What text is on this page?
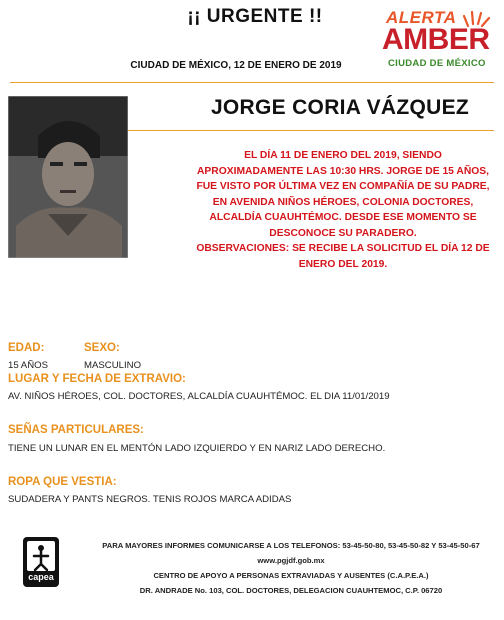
¡¡ URGENTE !!
CIUDAD DE MÉXICO, 12 DE ENERO DE 2019
ALERTA
AMBER
CIUDAD DE MÉXICO
JORGE CORIA VÁZQUEZ
EL DÍA 11 DE ENERO DEL 2019, SIENDO
APROXIMADAMENTE LAS 10:30 HRS. JORGE DE 15 AÑOS,
FUE VISTO POR ÚLTIMA VEZ EN COMPAÑÍA DE SU PADRE,
EN AVENIDA NIÑOS HÉROES, COLONIA DOCTORES,
ALCALDÍA CUAUHTÉMOC. DESDE ESE MOMENTO SE
DESCONOCE SU PARADERO.
OBSERVACIONES: SE RECIBE LA SOLICITUD EL DÍA 12 DE
ENERO DEL 2019.
EDAD:	SEXO:
15 AÑOS	MASCULINO
LUGAR Y FECHA DE EXTRAVIO:
AV. NIÑOS HÉROES, COL. DOCTORES, ALCALDÍA CUAUHTÉMOC. EL DIA 11/01/2019
SEÑAS PARTICULARES:
TIENE UN LUNAR EN EL MENTÓN LADO IZQUIERDO Y EN NARIZ LADO DERECHO.
ROPA QUE VESTIA:
SUDADERA Y PANTS NEGROS. TENIS ROJOS MARCA ADIDAS
capea
PARA MAYORES INFORMES COMUNICARSE A LOS TELEFONOS: 53-45-50-80, 53-45-50-82 Y 53-45-50-67
www.pgjdf.gob.mx
CENTRO DE APOYO A PERSONAS EXTRAVIADAS Y AUSENTES (C.A.P.E.A.)
DR. ANDRADE No. 103, COL. DOCTORES, DELEGACION CUAUHTEMOC, C.P. 06720
